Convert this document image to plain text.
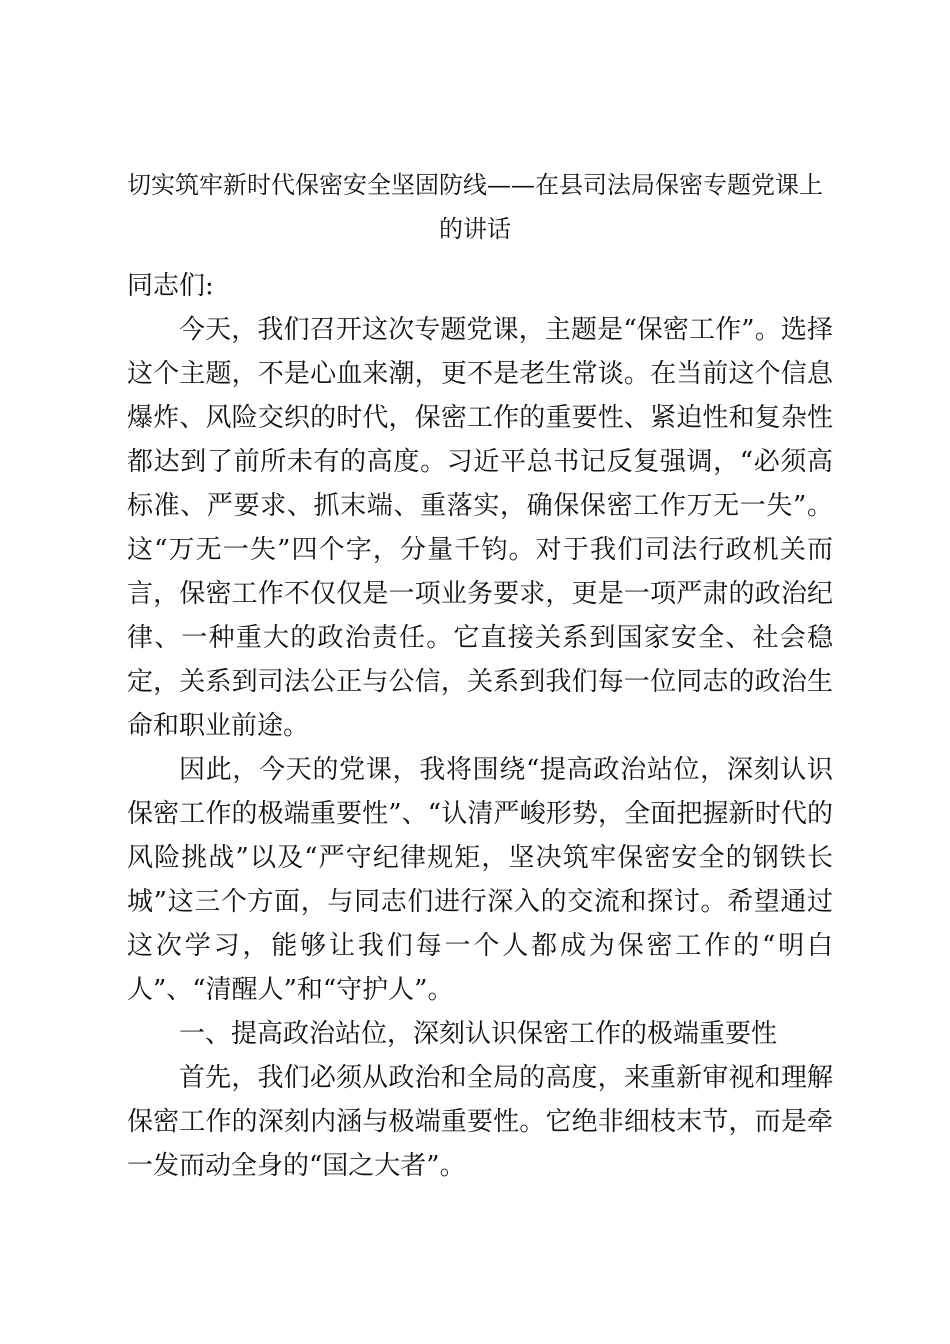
切实筑牢新时代保密安全坚固防线——在县司法局保密专题党课上的讲话

同志们:

今天，我们召开这次专题党课，主题是“保密工作”。选择这个主题，不是心血来潮，更不是老生常谈。在当前这个信息爆炸、风险交织的时代，保密工作的重要性、紧迫性和复杂性都达到了前所未有的高度。习近平总书记反复强调，“必须高标准、严要求、抓末端、重落实，确保保密工作万无一失”。这“万无一失”四个字，分量千钧。对于我们司法行政机关而言，保密工作不仅仅是一项业务要求，更是一项严肃的政治纪律、一种重大的政治责任。它直接关系到国家安全、社会稳定，关系到司法公正与公信，关系到我们每一位同志的政治生命和职业前途。

因此，今天的党课，我将围绕“提高政治站位，深刻认识保密工作的极端重要性”、“认清严峻形势，全面把握新时代的风险挑战”以及“严守纪律规矩，坚决筑牢保密安全的钢铁长城”这三个方面，与同志们进行深入的交流和探讨。希望通过这次学习，能够让我们每一个人都成为保密工作的“明白人”、“清醒人”和“守护人”。

一、提高政治站位，深刻认识保密工作的极端重要性

首先，我们必须从政治和全局的高度，来重新审视和理解保密工作的深刻内涵与极端重要性。它绝非细枝末节，而是牵一发而动全身的“国之大者”。
